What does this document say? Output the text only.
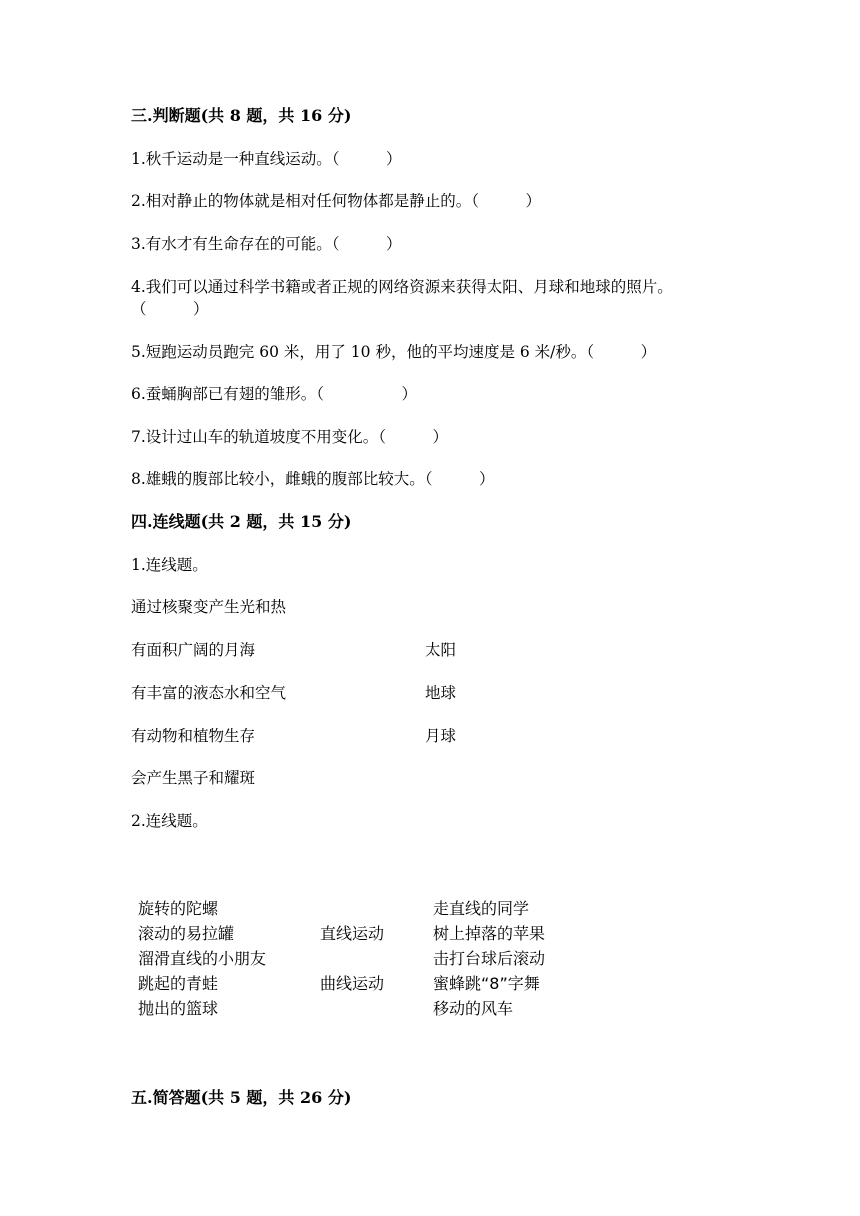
三.判断题(共 8 题，共 16 分)
1.秋千运动是一种直线运动。（　　　）
2.相对静止的物体就是相对任何物体都是静止的。（　　　）
3.有水才有生命存在的可能。（　　　）
4.我们可以通过科学书籍或者正规的网络资源来获得太阳、月球和地球的照片。
（　　　）
5.短跑运动员跑完 60 米，用了 10 秒，他的平均速度是 6 米/秒。（　　　）
6.蚕蛹胸部已有翅的雏形。（　　　　　）
7.设计过山车的轨道坡度不用变化。（　　　）
8.雄蛾的腹部比较小，雌蛾的腹部比较大。（　　　）
四.连线题(共 2 题，共 15 分)
1.连线题。
通过核聚变产生光和热
有面积广阔的月海
有丰富的液态水和空气
有动物和植物生存
会产生黑子和耀斑
太阳
地球
月球
2.连线题。
旋转的陀螺
滚动的易拉罐
溜滑直线的小朋友
跳起的青蛙
抛出的篮球
直线运动
曲线运动
走直线的同学
树上掉落的苹果
击打台球后滚动
蜜蜂跳“8”字舞
移动的风车
五.简答题(共 5 题，共 26 分)
